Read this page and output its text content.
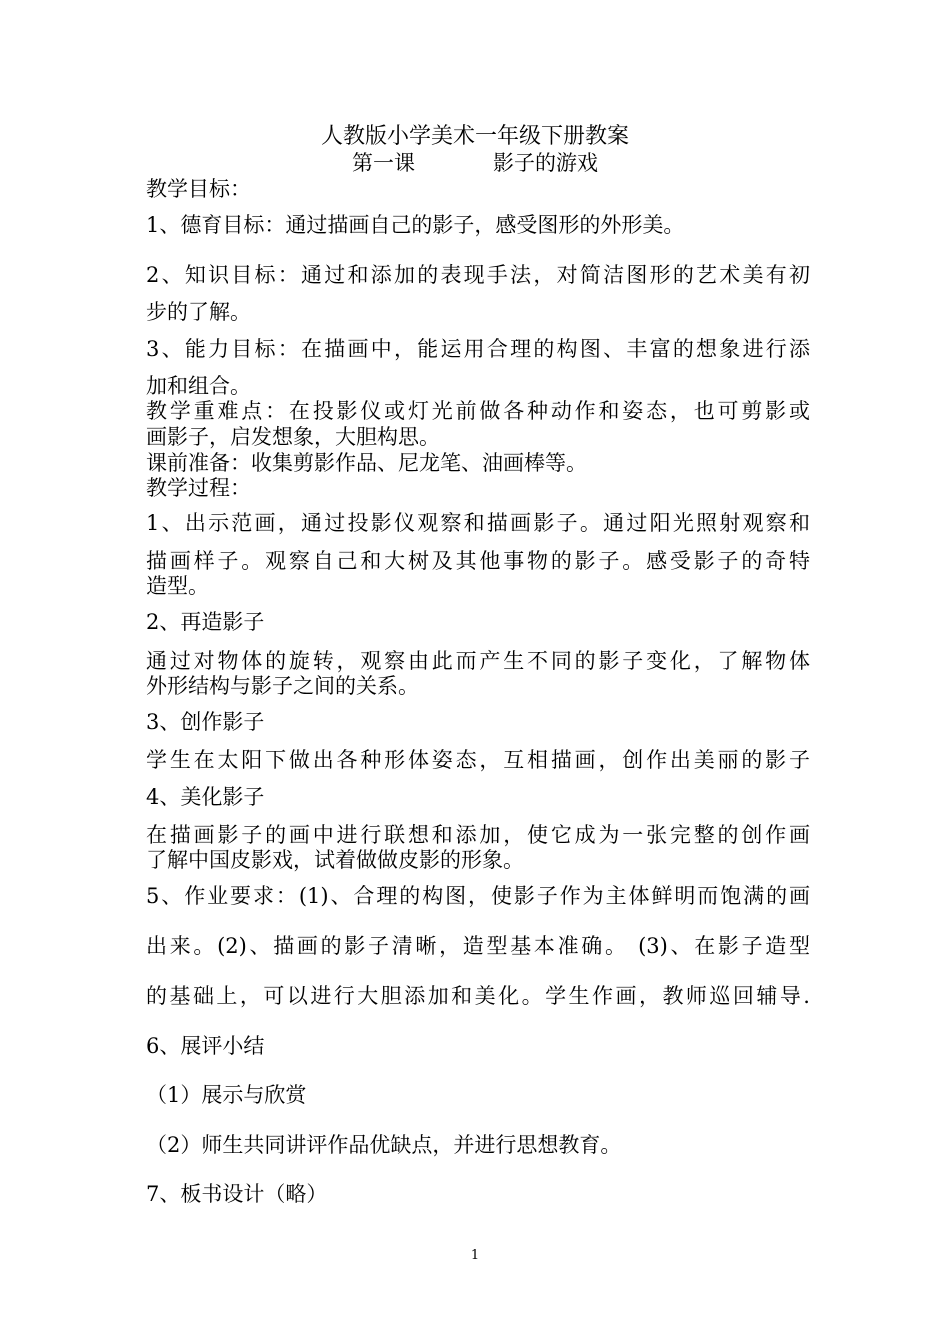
人教版小学美术一年级下册教案
第一课	影子的游戏
教学目标：
1、德育目标：通过描画自己的影子，感受图形的外形美。
2、知识目标：通过和添加的表现手法，对简洁图形的艺术美有初
步的了解。
3、能力目标：在描画中，能运用合理的构图、丰富的想象进行添
加和组合。
教学重难点：在投影仪或灯光前做各种动作和姿态，也可剪影或
画影子，启发想象，大胆构思。
课前准备：收集剪影作品、尼龙笔、油画棒等。
教学过程：
1、出示范画，通过投影仪观察和描画影子。通过阳光照射观察和
描画样子。观察自己和大树及其他事物的影子。感受影子的奇特
造型。
2、再造影子
通过对物体的旋转，观察由此而产生不同的影子变化，了解物体
外形结构与影子之间的关系。
3、创作影子
学生在太阳下做出各种形体姿态，互相描画，创作出美丽的影子
4、美化影子
在描画影子的画中进行联想和添加，使它成为一张完整的创作画
了解中国皮影戏，试着做做皮影的形象。
5、作业要求：(1)、合理的构图，使影子作为主体鲜明而饱满的画
出来。(2)、描画的影子清晰，造型基本准确。 (3)、在影子造型
的基础上，可以进行大胆添加和美化。学生作画，教师巡回辅导.
6、展评小结
（1）展示与欣赏
（2）师生共同讲评作品优缺点，并进行思想教育。
7、板书设计（略）
1
